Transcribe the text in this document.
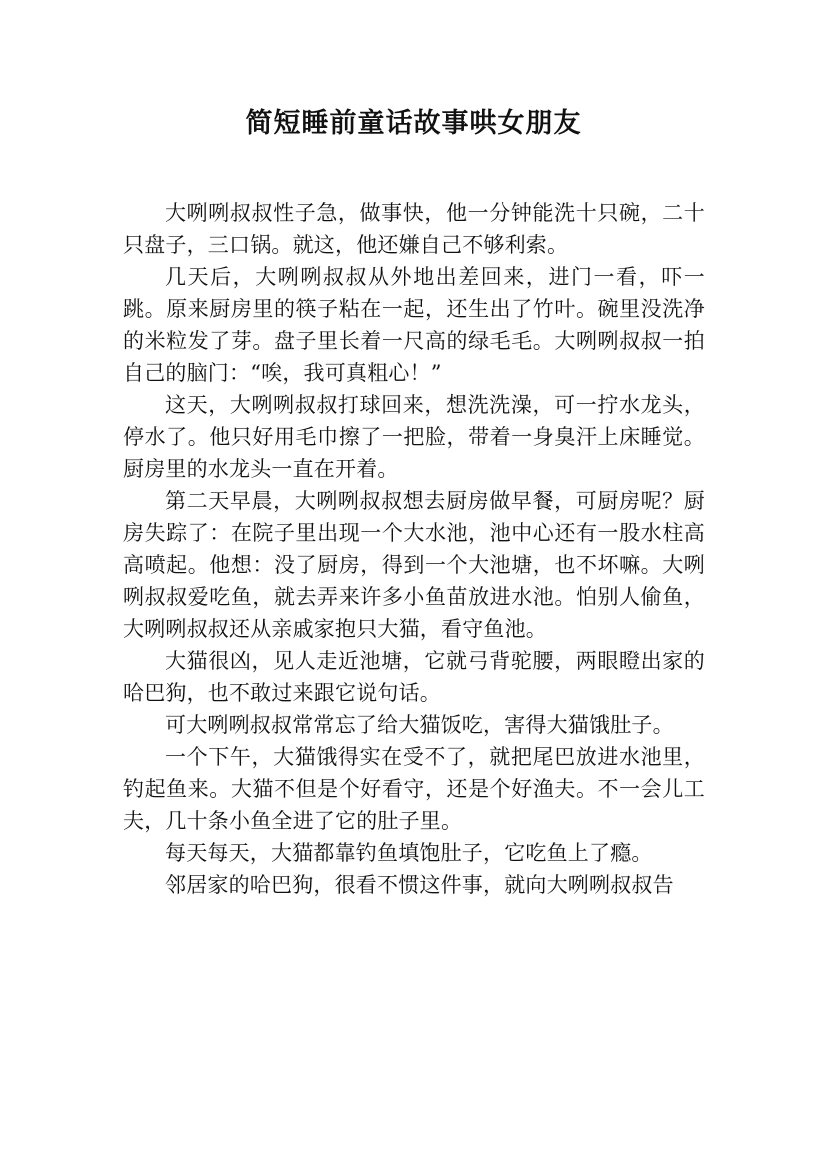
简短睡前童话故事哄女朋友

大咧咧叔叔性子急，做事快，他一分钟能洗十只碗，二十只盘子，三口锅。就这，他还嫌自己不够利索。

几天后，大咧咧叔叔从外地出差回来，进门一看，吓一跳。原来厨房里的筷子粘在一起，还生出了竹叶。碗里没洗净的米粒发了芽。盘子里长着一尺高的绿毛毛。大咧咧叔叔一拍自己的脑门：“唉，我可真粗心！”

这天，大咧咧叔叔打球回来，想洗洗澡，可一拧水龙头，停水了。他只好用毛巾擦了一把脸，带着一身臭汗上床睡觉。厨房里的水龙头一直在开着。

第二天早晨，大咧咧叔叔想去厨房做早餐，可厨房呢？厨房失踪了：在院子里出现一个大水池，池中心还有一股水柱高高喷起。他想：没了厨房，得到一个大池塘，也不坏嘛。大咧咧叔叔爱吃鱼，就去弄来许多小鱼苗放进水池。怕别人偷鱼，大咧咧叔叔还从亲戚家抱只大猫，看守鱼池。

大猫很凶，见人走近池塘，它就弓背驼腰，两眼瞪出家的哈巴狗，也不敢过来跟它说句话。

可大咧咧叔叔常常忘了给大猫饭吃，害得大猫饿肚子。

一个下午，大猫饿得实在受不了，就把尾巴放进水池里，钓起鱼来。大猫不但是个好看守，还是个好渔夫。不一会儿工夫，几十条小鱼全进了它的肚子里。

每天每天，大猫都靠钓鱼填饱肚子，它吃鱼上了瘾。

邻居家的哈巴狗，很看不惯这件事，就向大咧咧叔叔告
